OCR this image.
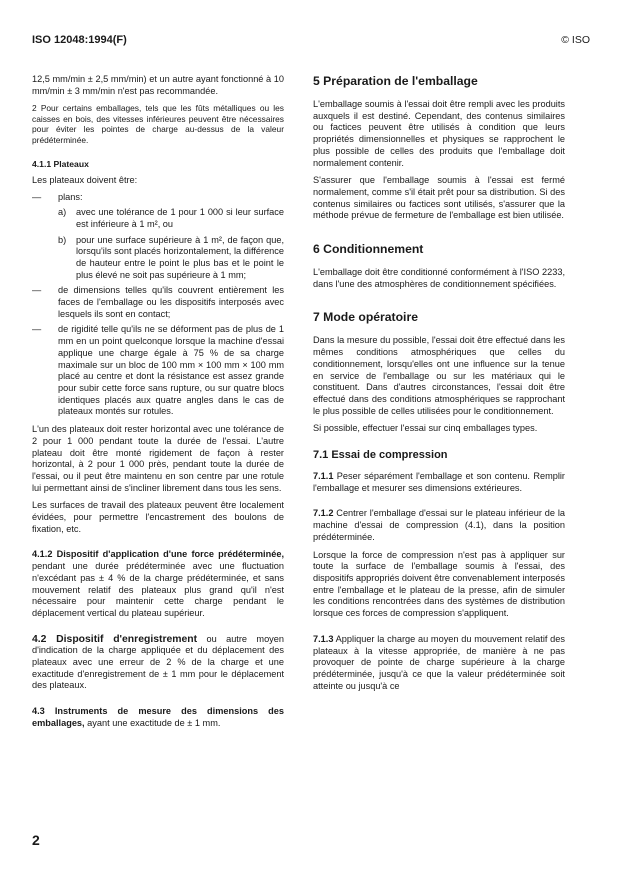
ISO 12048:1994(F)	© ISO

12,5 mm/min ± 2,5 mm/min) et un autre ayant fonctionné à 10 mm/min ± 3 mm/min n'est pas recommandée.

2 Pour certains emballages, tels que les fûts métalliques ou les caisses en bois, des vitesses inférieures peuvent être nécessaires pour éviter les pointes de charge au-dessus de la valeur prédéterminée.

4.1.1 Plateaux

Les plateaux doivent être:

— plans:
a) avec une tolérance de 1 pour 1 000 si leur surface est inférieure à 1 m², ou
b) pour une surface supérieure à 1 m², de façon que, lorsqu'ils sont placés horizontalement, la différence de hauteur entre le point le plus bas et le point le plus élevé ne soit pas supérieure à 1 mm;
— de dimensions telles qu'ils couvrent entièrement les faces de l'emballage ou les dispositifs interposés avec lesquels ils sont en contact;
— de rigidité telle qu'ils ne se déforment pas de plus de 1 mm en un point quelconque lorsque la machine d'essai applique une charge égale à 75 % de sa charge maximale sur un bloc de 100 mm × 100 mm × 100 mm placé au centre et dont la résistance est assez grande pour subir cette force sans rupture, ou sur quatre blocs identiques placés aux quatre angles dans le cas de plateaux montés sur rotules.

L'un des plateaux doit rester horizontal avec une tolérance de 2 pour 1 000 pendant toute la durée de l'essai. L'autre plateau doit être monté rigidement de façon à rester horizontal, à 2 pour 1 000 près, pendant toute la durée de l'essai, ou il peut être maintenu en son centre par une rotule lui permettant ainsi de s'incliner librement dans tous les sens.

Les surfaces de travail des plateaux peuvent être localement évidées, pour permettre l'encastrement des boulons de fixation, etc.

4.1.2 Dispositif d'application d'une force prédéterminée, pendant une durée prédéterminée avec une fluctuation n'excédant pas ± 4 % de la charge prédéterminée, et sans mouvement relatif des plateaux plus grand qu'il n'est nécessaire pour maintenir cette charge pendant le déplacement vertical du plateau supérieur.

4.2 Dispositif d'enregistrement ou autre moyen d'indication de la charge appliquée et du déplacement des plateaux avec une erreur de 2 % de la charge et une exactitude d'enregistrement de ± 1 mm pour le déplacement des plateaux.

4.3 Instruments de mesure des dimensions des emballages, ayant une exactitude de ± 1 mm.

5 Préparation de l'emballage

L'emballage soumis à l'essai doit être rempli avec les produits auxquels il est destiné. Cependant, des contenus similaires ou factices peuvent être utilisés à condition que leurs propriétés dimensionnelles et physiques se rapprochent le plus possible de celles des produits que l'emballage doit normalement contenir.

S'assurer que l'emballage soumis à l'essai est fermé normalement, comme s'il était prêt pour sa distribution. Si des contenus similaires ou factices sont utilisés, s'assurer que la méthode prévue de fermeture de l'emballage est bien utilisée.

6 Conditionnement

L'emballage doit être conditionné conformément à l'ISO 2233, dans l'une des atmosphères de conditionnement spécifiées.

7 Mode opératoire

Dans la mesure du possible, l'essai doit être effectué dans les mêmes conditions atmosphériques que celles du conditionnement, lorsqu'elles ont une influence sur la tenue en service de l'emballage ou sur les matériaux qui le constituent. Dans d'autres circonstances, l'essai doit être effectué dans des conditions atmosphériques se rapprochant le plus possible de celles utilisées pour le conditionnement.

Si possible, effectuer l'essai sur cinq emballages types.

7.1 Essai de compression

7.1.1 Peser séparément l'emballage et son contenu. Remplir l'emballage et mesurer ses dimensions extérieures.

7.1.2 Centrer l'emballage d'essai sur le plateau inférieur de la machine d'essai de compression (4.1), dans la position prédéterminée.

Lorsque la force de compression n'est pas à appliquer sur toute la surface de l'emballage soumis à l'essai, des dispositifs appropriés doivent être convenablement interposés entre l'emballage et le plateau de la presse, afin de simuler les conditions rencontrées dans des systèmes de distribution lorsque ces forces de compression s'appliquent.

7.1.3 Appliquer la charge au moyen du mouvement relatif des plateaux à la vitesse appropriée, de manière à ne pas provoquer de pointe de charge supérieure à la charge prédéterminée, jusqu'à ce que la valeur prédéterminée soit atteinte ou jusqu'à ce

2
